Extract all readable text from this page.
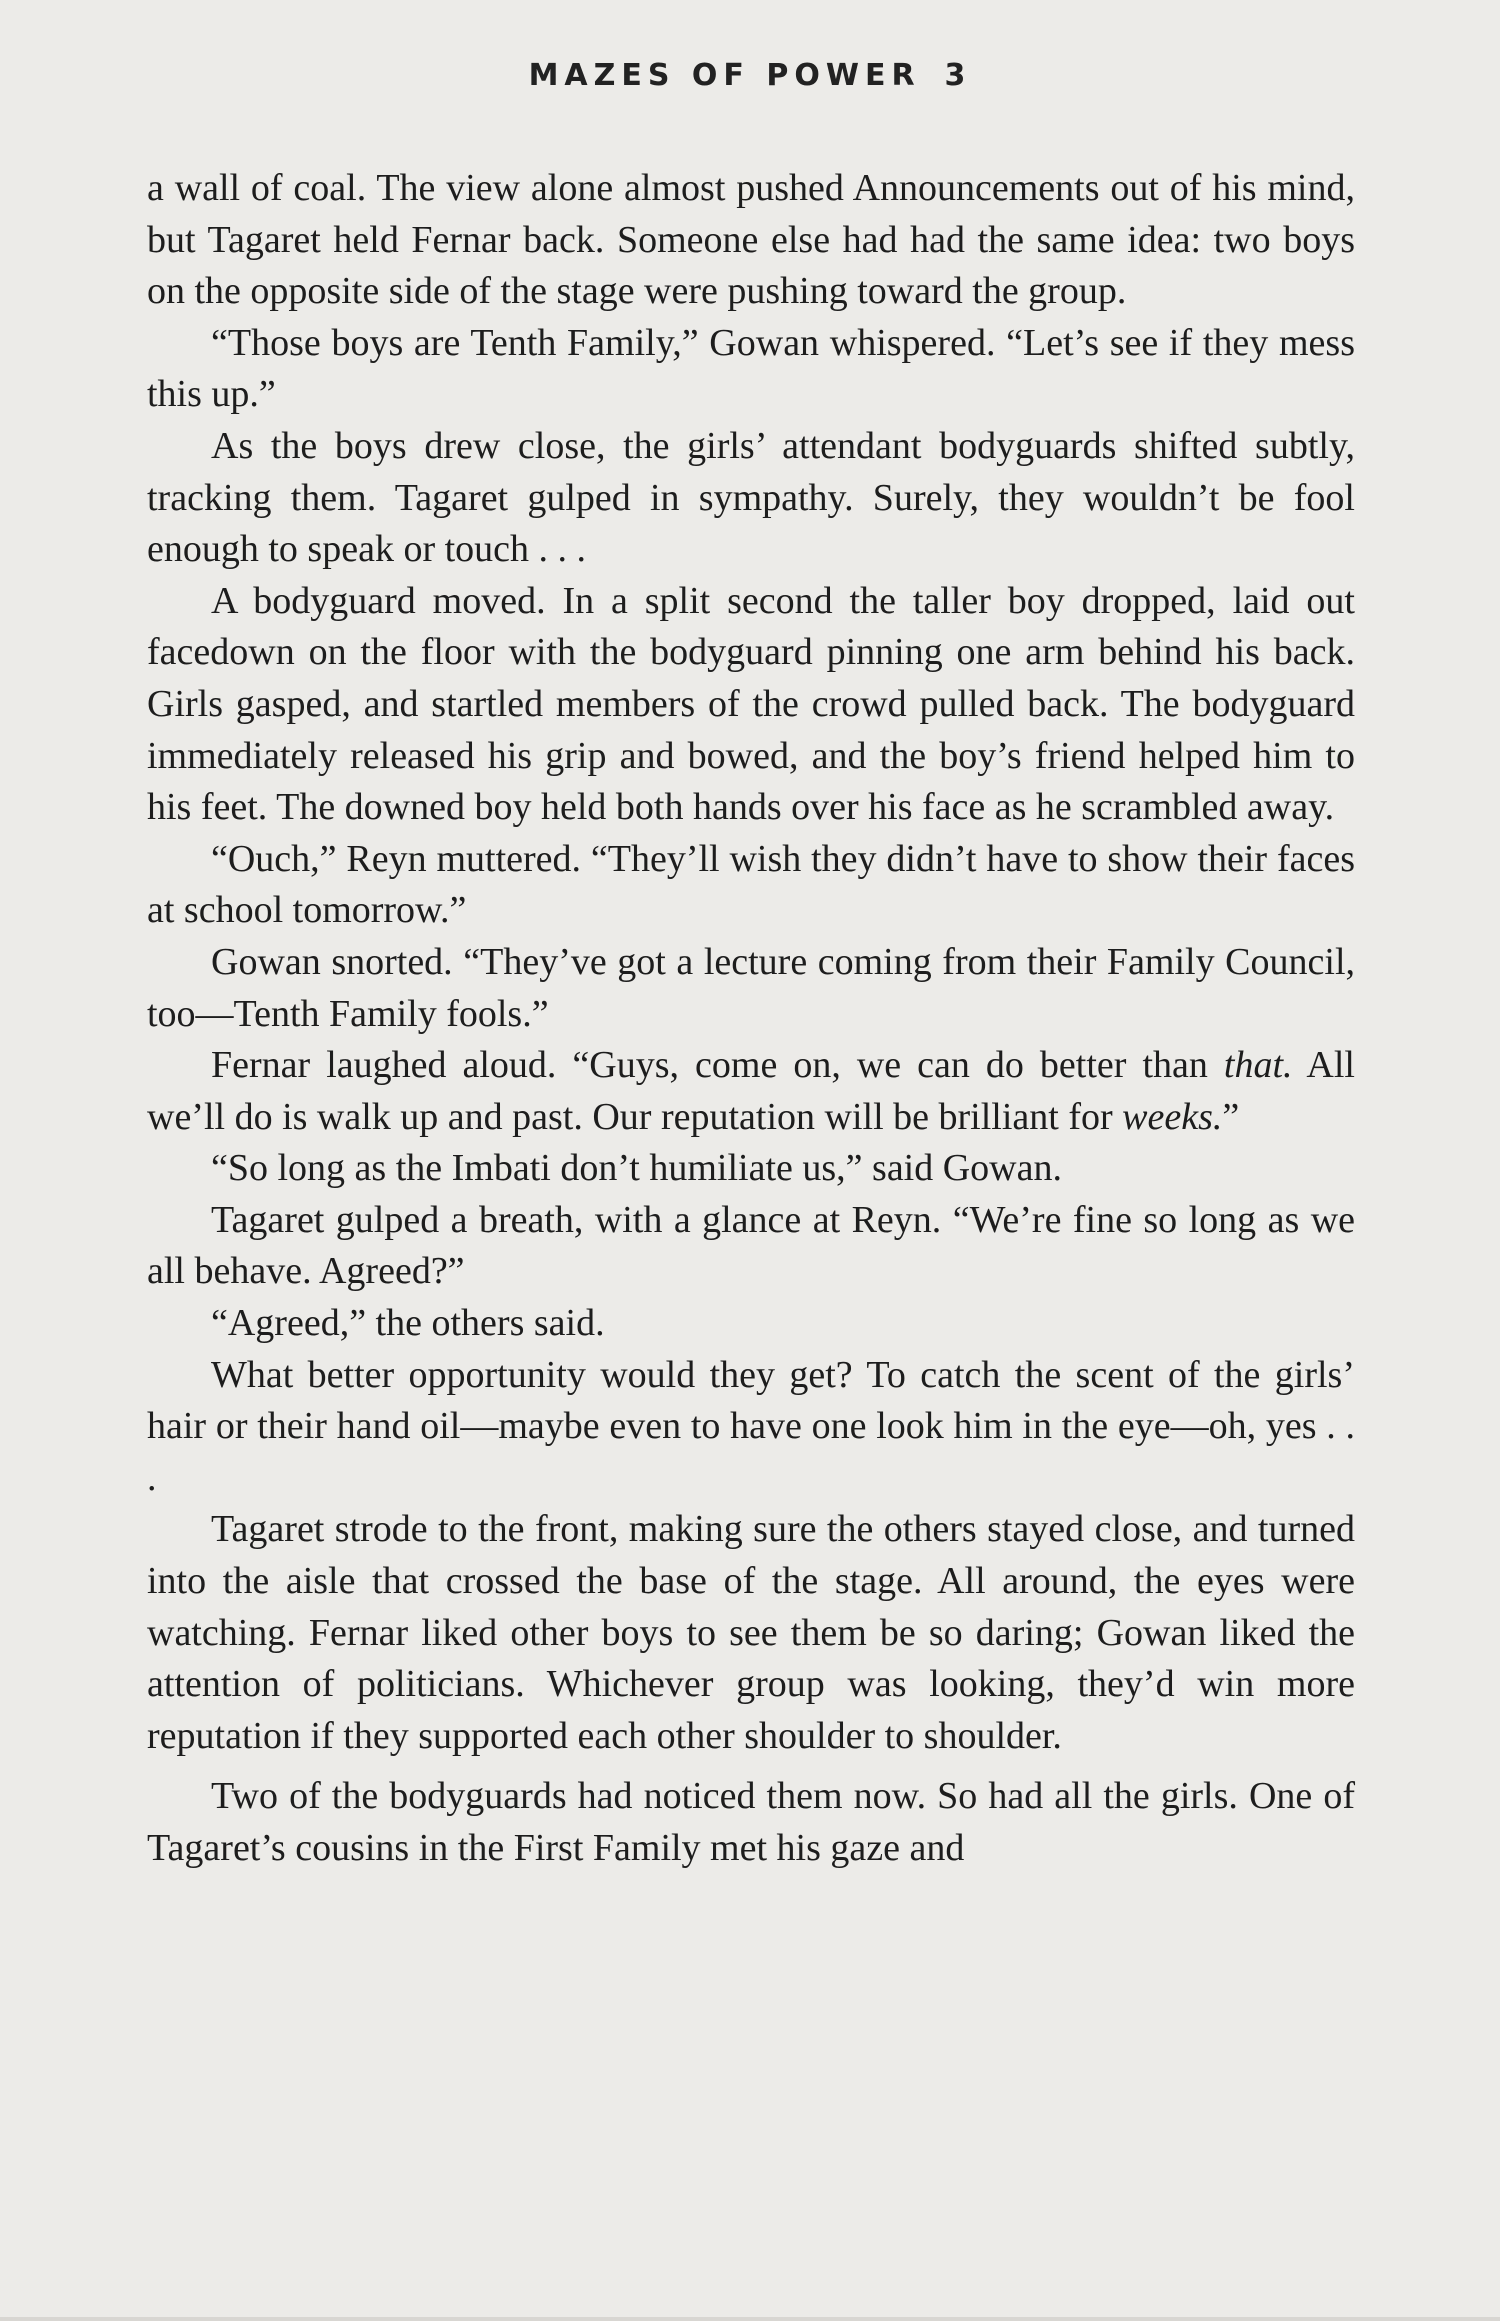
MAZES OF POWER 3

a wall of coal. The view alone almost pushed Announcements out of his mind, but Tagaret held Fernar back. Someone else had had the same idea: two boys on the opposite side of the stage were pushing toward the group.

“Those boys are Tenth Family,” Gowan whispered. “Let’s see if they mess this up.”

As the boys drew close, the girls’ attendant bodyguards shifted subtly, tracking them. Tagaret gulped in sympathy. Surely, they wouldn’t be fool enough to speak or touch . . .

A bodyguard moved. In a split second the taller boy dropped, laid out facedown on the floor with the bodyguard pinning one arm behind his back. Girls gasped, and startled members of the crowd pulled back. The bodyguard immediately released his grip and bowed, and the boy’s friend helped him to his feet. The downed boy held both hands over his face as he scrambled away.

“Ouch,” Reyn muttered. “They’ll wish they didn’t have to show their faces at school tomorrow.”

Gowan snorted. “They’ve got a lecture coming from their Family Council, too—Tenth Family fools.”

Fernar laughed aloud. “Guys, come on, we can do better than that. All we’ll do is walk up and past. Our reputation will be brilliant for weeks.”

“So long as the Imbati don’t humiliate us,” said Gowan.

Tagaret gulped a breath, with a glance at Reyn. “We’re fine so long as we all behave. Agreed?”

“Agreed,” the others said.

What better opportunity would they get? To catch the scent of the girls’ hair or their hand oil—maybe even to have one look him in the eye—oh, yes . . .

Tagaret strode to the front, making sure the others stayed close, and turned into the aisle that crossed the base of the stage. All around, the eyes were watching. Fernar liked other boys to see them be so daring; Gowan liked the attention of politicians. Whichever group was looking, they’d win more reputation if they supported each other shoulder to shoulder.

Two of the bodyguards had noticed them now. So had all the girls. One of Tagaret’s cousins in the First Family met his gaze and
